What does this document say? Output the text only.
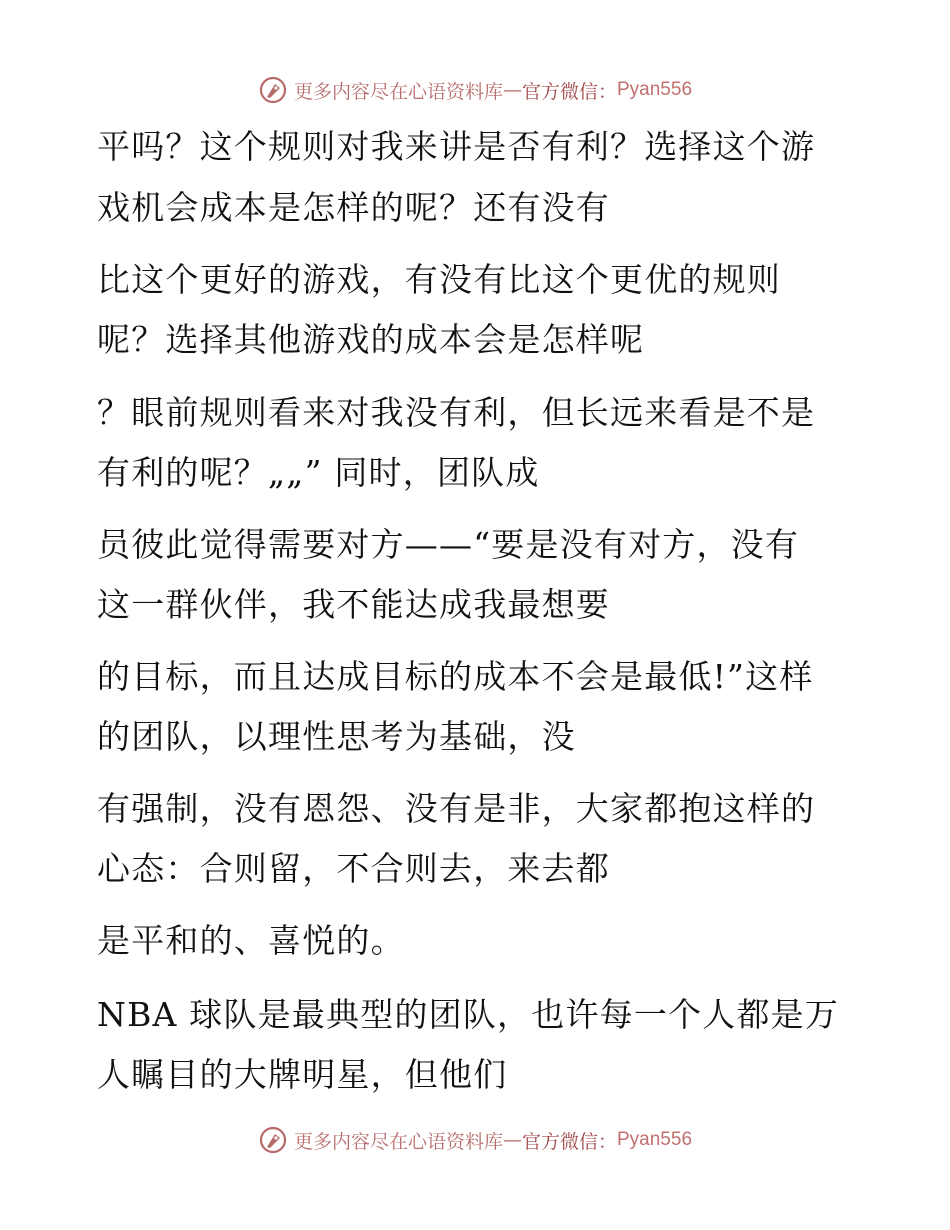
更多内容尽在心语资料库 — 官方微信： Pyan556
平吗？这个规则对我来讲是否有利？选择这个游
戏机会成本是怎样的呢？还有没有
比这个更好的游戏，有没有比这个更优的规则
呢？选择其他游戏的成本会是怎样呢
？眼前规则看来对我没有利，但长远来看是不是
有利的呢？„„” 同时，团队成
员彼此觉得需要对方——“要是没有对方，没有
这一群伙伴，我不能达成我最想要
的目标，而且达成目标的成本不会是最低!”这样
的团队，以理性思考为基础，没
有强制，没有恩怨、没有是非，大家都抱这样的
心态：合则留，不合则去，来去都
是平和的、喜悦的。
NBA 球队是最典型的团队，也许每一个人都是万
人瞩目的大牌明星，但他们
更多内容尽在心语资料库 — 官方微信： Pyan556
